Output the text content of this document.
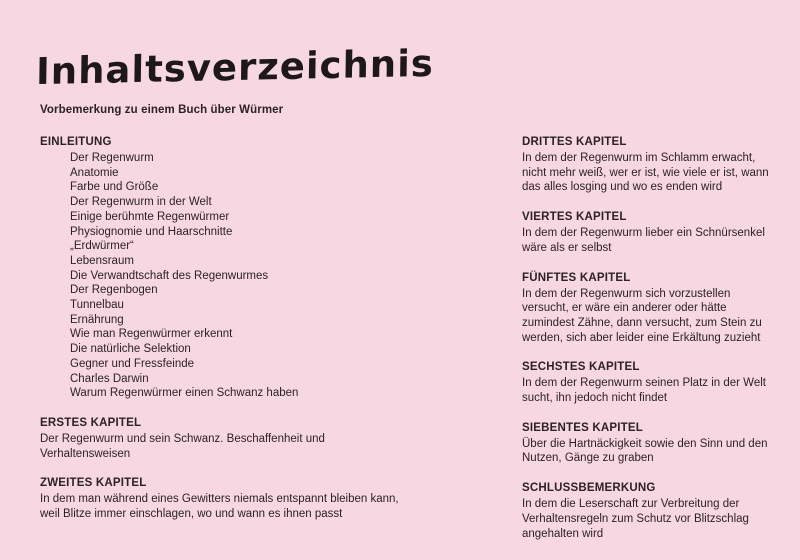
Inhaltsverzeichnis

Vorbemerkung zu einem Buch über Würmer

EINLEITUNG
Der Regenwurm
Anatomie
Farbe und Größe
Der Regenwurm in der Welt
Einige berühmte Regenwürmer
Physiognomie und Haarschnitte
„Erdwürmer“
Lebensraum
Die Verwandtschaft des Regenwurmes
Der Regenbogen
Tunnelbau
Ernährung
Wie man Regenwürmer erkennt
Die natürliche Selektion
Gegner und Fressfeinde
Charles Darwin
Warum Regenwürmer einen Schwanz haben
ERSTES KAPITEL

Der Regenwurm und sein Schwanz. Beschaffenheit und Verhaltensweisen

ZWEITES KAPITEL

In dem man während eines Gewitters niemals entspannt bleiben kann, weil Blitze immer einschlagen, wo und wann es ihnen passt

DRITTES KAPITEL

In dem der Regenwurm im Schlamm erwacht, nicht mehr weiß, wer er ist, wie viele er ist, wann das alles losging und wo es enden wird

VIERTES KAPITEL

In dem der Regenwurm lieber ein Schnürsenkel wäre als er selbst

FÜNFTES KAPITEL

In dem der Regenwurm sich vorzustellen versucht, er wäre ein anderer oder hätte zumindest Zähne, dann versucht, zum Stein zu werden, sich aber leider eine Erkältung zuzieht

SECHSTES KAPITEL

In dem der Regenwurm seinen Platz in der Welt sucht, ihn jedoch nicht findet

SIEBENTES KAPITEL

Über die Hartnäckigkeit sowie den Sinn und den Nutzen, Gänge zu graben

SCHLUSSBEMERKUNG

In dem die Leserschaft zur Verbreitung der Verhaltensregeln zum Schutz vor Blitzschlag angehalten wird
